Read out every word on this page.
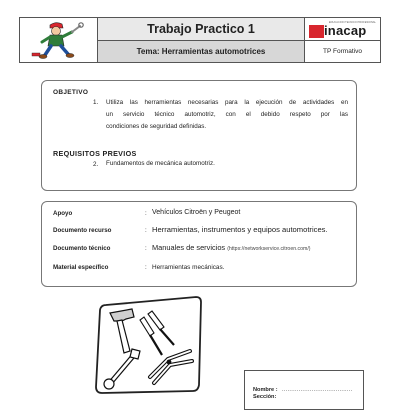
Trabajo Practico 1
Tema: Herramientas automotrices
EDUCACION TECNICO PROFESIONAL
inacap
TP Formativo
OBJETIVO
1. Utiliza las herramientas necesarias para la ejecución de actividades en
un servicio técnico automotriz, con el debido respeto por las
condiciones de seguridad definidas.
REQUISITOS PREVIOS
2. Fundamentos de mecánica automotriz.
Apoyo	: Vehículos Citroën y Peugeot
Documento recurso	: Herramientas, instrumentos y equipos automotrices.
Documento técnico	: Manuales de servicios (https://networkservice.citroen.com/)
Material específico	: Herramientas mecánicas.
Nombre : ......................................
Sección:
